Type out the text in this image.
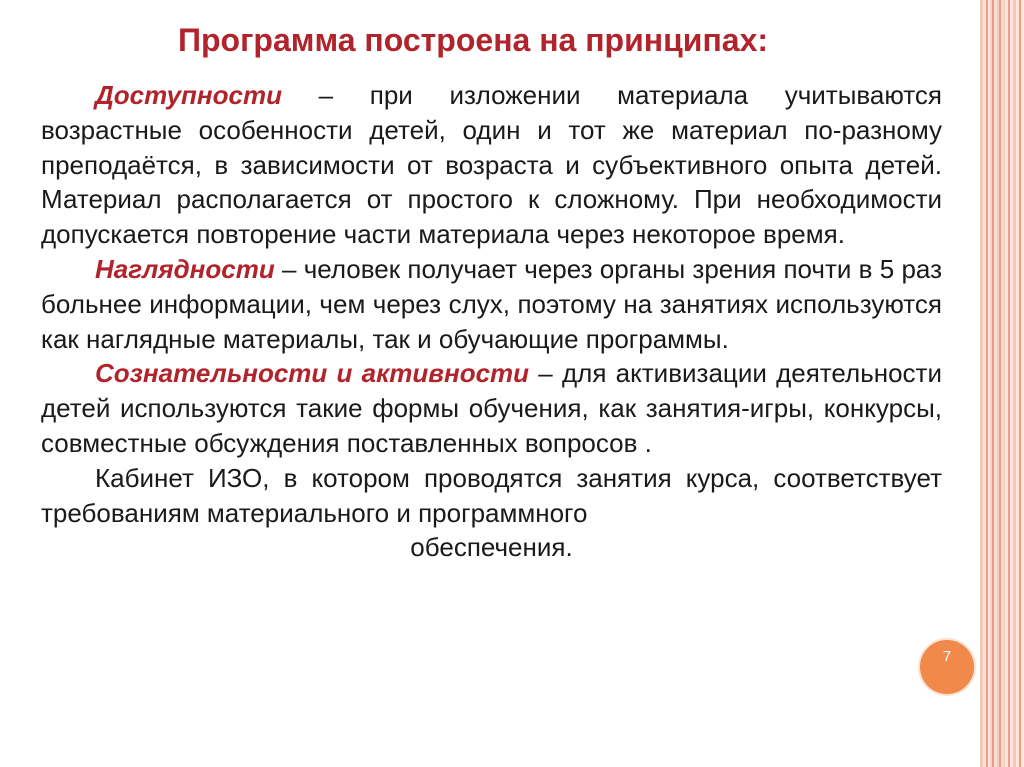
Программа построена на принципах:

Доступности – при изложении материала учитываются возрастные особенности детей, один и тот же материал по-разному преподаётся, в зависимости от возраста и субъективного опыта детей. Материал располагается от простого к сложному. При необходимости допускается повторение части материала через некоторое время.

Наглядности – человек получает через органы зрения почти в 5 раз больнее информации, чем через слух, поэтому на занятиях используются как наглядные материалы, так и обучающие программы.

Сознательности и активности – для активизации деятельности детей используются такие формы обучения, как занятия-игры, конкурсы, совместные обсуждения поставленных вопросов .

Кабинет ИЗО, в котором проводятся занятия курса, соответствует требованиям материального и программного

обеспечения.

7
